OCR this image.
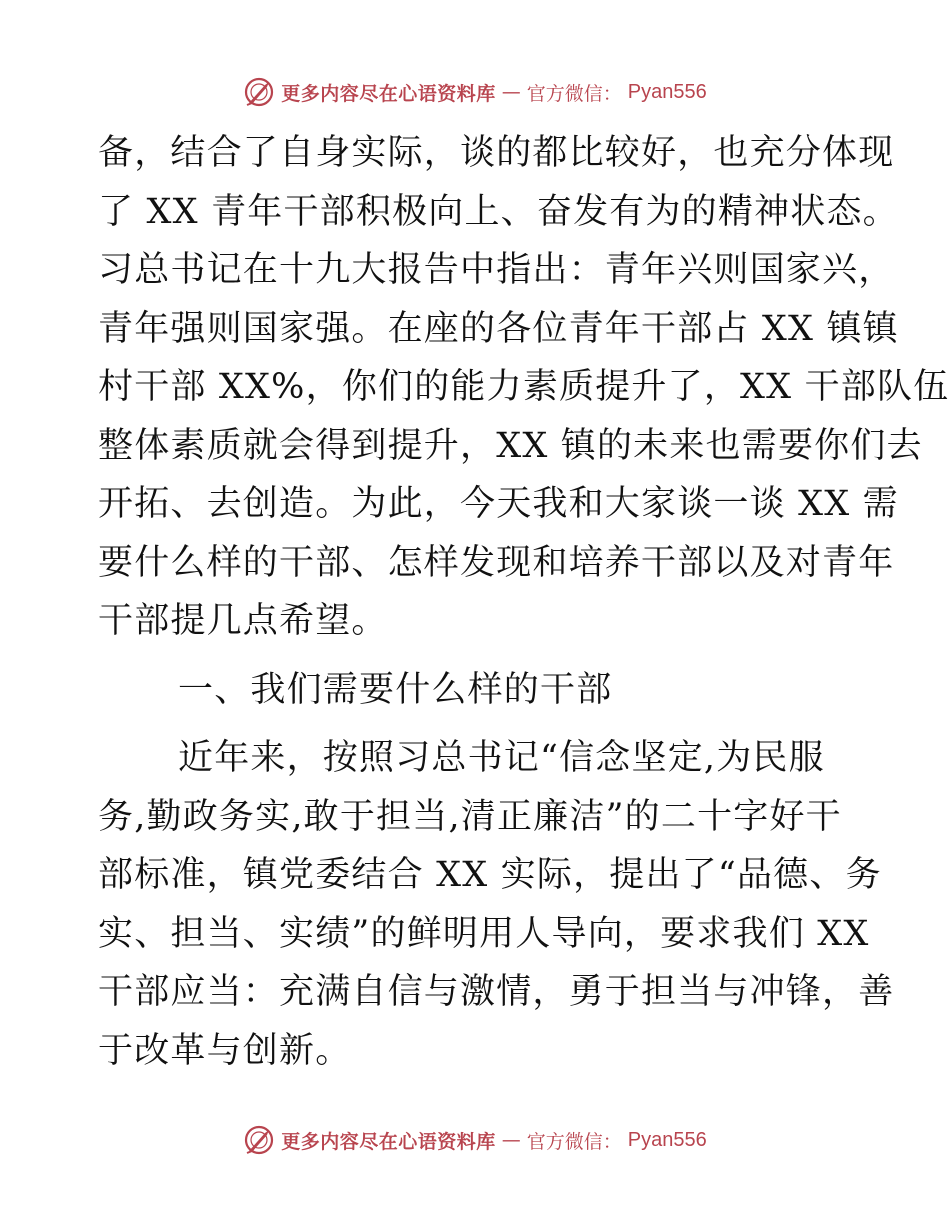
更多内容尽在心语资料库 — 官方微信： Pyan556
备，结合了自身实际，谈的都比较好，也充分体现
了 XX 青年干部积极向上、奋发有为的精神状态。
习总书记在十九大报告中指出：青年兴则国家兴，
青年强则国家强。在座的各位青年干部占 XX 镇镇
村干部 XX%，你们的能力素质提升了，XX 干部队伍
整体素质就会得到提升，XX 镇的未来也需要你们去
开拓、去创造。为此，今天我和大家谈一谈 XX 需
要什么样的干部、怎样发现和培养干部以及对青年
干部提几点希望。
一、我们需要什么样的干部
近年来，按照习总书记“信念坚定,为民服
务,勤政务实,敢于担当,清正廉洁”的二十字好干
部标准，镇党委结合 XX 实际，提出了“品德、务
实、担当、实绩”的鲜明用人导向，要求我们 XX
干部应当：充满自信与激情，勇于担当与冲锋，善
于改革与创新。
更多内容尽在心语资料库 — 官方微信： Pyan556
